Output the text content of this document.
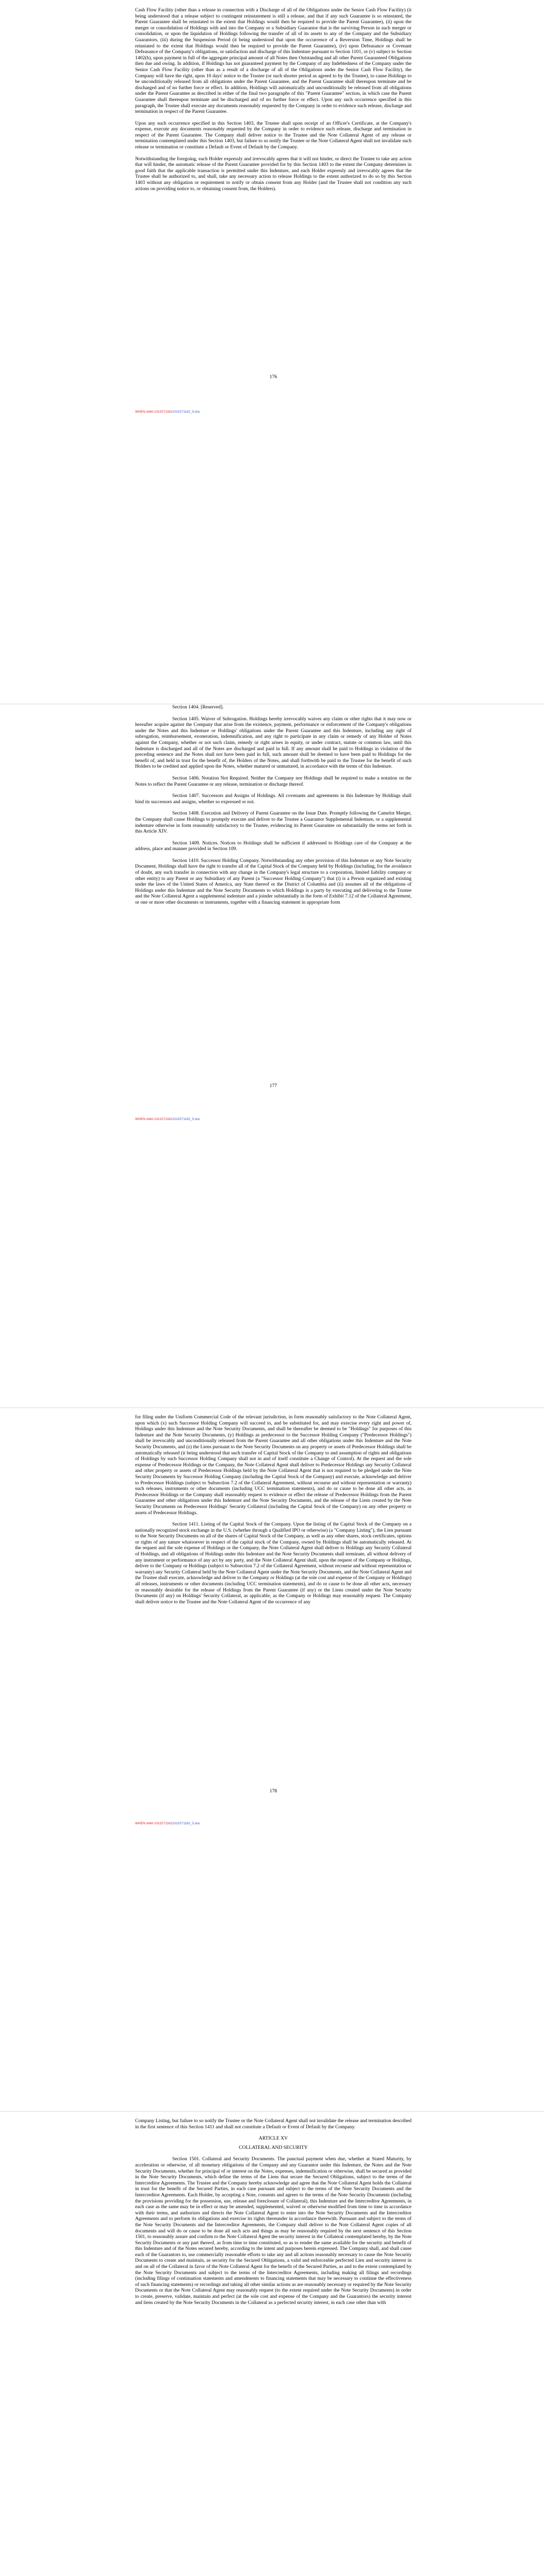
Cash Flow Facility (other than a release in connection with a Discharge of all of the Obligations under the Senior Cash Flow Facility) (it being understood that a release subject to contingent reinstatement is still a release, and that if any such Guarantee is so reinstated, the Parent Guarantee shall be reinstated to the extent that Holdings would then be required to provide the Parent Guarantee), (ii) upon the merger or consolidation of Holdings with and into the Company or a Subsidiary Guarantor that is the surviving Person in such merger or consolidation, or upon the liquidation of Holdings following the transfer of all of its assets to any of the Company and the Subsidiary Guarantors, (iii) during the Suspension Period (it being understood that upon the occurrence of a Reversion Time, Holdings shall be reinstated to the extent that Holdings would then be required to provide the Parent Guarantee), (iv) upon Defeasance or Covenant Defeasance of the Company's obligations, or satisfaction and discharge of this Indenture pursuant to Section 1101, or (v) subject to Section 1402(b), upon payment in full of the aggregate principal amount of all Notes then Outstanding and all other Parent Guaranteed Obligations then due and owing. In addition, if Holdings has not guaranteed payment by the Company of any Indebtedness of the Company under the Senior Cash Flow Facility (other than as a result of a discharge of all of the Obligations under the Senior Cash Flow Facility), the Company will have the right, upon 10 days' notice to the Trustee (or such shorter period as agreed to by the Trustee), to cause Holdings to be unconditionally released from all obligations under the Parent Guarantee, and the Parent Guarantee shall thereupon terminate and be discharged and of no further force or effect. In addition, Holdings will automatically and unconditionally be released from all obligations under the Parent Guarantee as described in either of the final two paragraphs of this "Parent Guarantee" section, in which case the Parent Guarantee shall thereupon terminate and be discharged and of no further force or effect. Upon any such occurrence specified in this paragraph, the Trustee shall execute any documents reasonably requested by the Company in order to evidence such release, discharge and termination in respect of the Parent Guarantee.

Upon any such occurrence specified in this Section 1403, the Trustee shall upon receipt of an Officer's Certificate, at the Company's expense, execute any documents reasonably requested by the Company in order to evidence such release, discharge and termination in respect of the Parent Guarantee. The Company shall deliver notice to the Trustee and the Note Collateral Agent of any release or termination contemplated under this Section 1403, but failure to so notify the Trustee or the Note Collateral Agent shall not invalidate such release or termination or constitute a Default or Event of Default by the Company.

Notwithstanding the foregoing, each Holder expressly and irrevocably agrees that it will not hinder, or direct the Trustee to take any action that will hinder, the automatic release of the Parent Guarantee provided for by this Section 1403 to the extent the Company determines in good faith that the applicable transaction is permitted under this Indenture, and each Holder expressly and irrevocably agrees that the Trustee shall be authorized to, and shall, take any necessary action to release Holdings to the extent authorized to do so by this Section 1403 without any obligation or requirement to notify or obtain consent from any Holder (and the Trustee shall not condition any such actions on providing notice to, or obtaining consent from, the Holders).

176
WHEN:AMA:10102711621010271162_5.doc

Section 1404. [Reserved].

Section 1405. Waiver of Subrogation. Holdings hereby irrevocably waives any claim or other rights that it may now or hereafter acquire against the Company that arise from the existence, payment, performance or enforcement of the Company's obligations under the Notes and this Indenture or Holdings' obligations under the Parent Guarantee and this Indenture, including any right of subrogation, reimbursement, exoneration, indemnification, and any right to participate in any claim or remedy of any Holder of Notes against the Company, whether or not such claim, remedy or right arises in equity, or under contract, statute or common law, until this Indenture is discharged and all of the Notes are discharged and paid in full. If any amount shall be paid to Holdings in violation of the preceding sentence and the Notes shall not have been paid in full, such amount shall be deemed to have been paid to Holdings for the benefit of, and held in trust for the benefit of, the Holders of the Notes, and shall forthwith be paid to the Trustee for the benefit of such Holders to be credited and applied upon the Notes, whether matured or unmatured, in accordance with the terms of this Indenture.

Section 1406. Notation Not Required. Neither the Company nor Holdings shall be required to make a notation on the Notes to reflect the Parent Guarantee or any release, termination or discharge thereof.

Section 1407. Successors and Assigns of Holdings. All covenants and agreements in this Indenture by Holdings shall bind its successors and assigns, whether so expressed or not.

Section 1408. Execution and Delivery of Parent Guarantee on the Issue Date. Promptly following the Camelot Merger, the Company shall cause Holdings to promptly execute and deliver to the Trustee a Guarantor Supplemental Indenture, or a supplemental indenture otherwise in form reasonably satisfactory to the Trustee, evidencing its Parent Guarantee on substantially the terms set forth in this Article XIV.

Section 1409. Notices. Notices to Holdings shall be sufficient if addressed to Holdings care of the Company at the address, place and manner provided in Section 109.

Section 1410. Successor Holding Company. Notwithstanding any other provision of this Indenture or any Note Security Document, Holdings shall have the right to transfer all of the Capital Stock of the Company held by Holdings (including, for the avoidance of doubt, any such transfer in connection with any change in the Company's legal structure to a corporation, limited liability company or other entity) to any Parent or any Subsidiary of any Parent (a "Successor Holding Company") that (i) is a Person organized and existing under the laws of the United States of America, any State thereof or the District of Columbia and (ii) assumes all of the obligations of Holdings under this Indenture and the Note Security Documents to which Holdings is a party by executing and delivering to the Trustee and the Note Collateral Agent a supplemental indenture and a joinder substantially in the form of Exhibit 7.12 of the Collateral Agreement, or one or more other documents or instruments, together with a financing statement in appropriate form

177
WHEN:AMA:10102711621010271162_5.doc

for filing under the Uniform Commercial Code of the relevant jurisdiction, in form reasonably satisfactory to the Note Collateral Agent, upon which (x) such Successor Holding Company will succeed to, and be substituted for, and may exercise every right and power of, Holdings under this Indenture and the Note Security Documents, and shall be thereafter be deemed to be "Holdings" for purposes of this Indenture and the Note Security Documents, (y) Holdings as predecessor to the Successor Holding Company ("Predecessor Holdings") shall be irrevocably and unconditionally released from the Parent Guarantee and all other obligations under this Indenture and the Note Security Documents, and (z) the Liens pursuant to the Note Security Documents on any property or assets of Predecessor Holdings shall be automatically released (it being understood that such transfer of Capital Stock of the Company to and assumption of rights and obligations of Holdings by such Successor Holding Company shall not in and of itself constitute a Change of Control). At the request and the sole expense of Predecessor Holdings or the Company, the Note Collateral Agent shall deliver to Predecessor Holdings any Security Collateral and other property or assets of Predecessor Holdings held by the Note Collateral Agent that is not required to be pledged under the Note Security Documents by Successor Holding Company (including the Capital Stock of the Company) and execute, acknowledge and deliver to Predecessor Holdings (subject to Subsection 7.2 of the Collateral Agreement, without recourse and without representation or warranty) such releases, instruments or other documents (including UCC termination statements), and do or cause to be done all other acts, as Predecessor Holdings or the Company shall reasonably request to evidence or effect the release of Predecessor Holdings from the Parent Guarantee and other obligations under this Indenture and the Note Security Documents, and the release of the Liens created by the Note Security Documents on Predecessor Holdings' Security Collateral (including the Capital Stock of the Company) on any other property or assets of Predecessor Holdings.

Section 1411. Listing of the Capital Stock of the Company. Upon the listing of the Capital Stock of the Company on a nationally recognized stock exchange in the U.S. (whether through a Qualified IPO or otherwise) (a "Company Listing"), the Lien pursuant to the Note Security Documents on all of the shares of Capital Stock of the Company, as well as any other shares, stock certificates, options or rights of any nature whatsoever in respect of the capital stock of the Company, owned by Holdings shall be automatically released. At the request and the sole expense of Holdings or the Company, the Note Collateral Agent shall deliver to Holdings any Security Collateral of Holdings, and all obligations of Holdings under this Indenture and the Note Security Documents shall terminate, all without delivery of any instrument or performance of any act by any party, and the Note Collateral Agent shall, upon the request of the Company or Holdings, deliver to the Company or Holdings (subject to Subsection 7.2 of the Collateral Agreement, without recourse and without representation or warranty) any Security Collateral held by the Note Collateral Agent under the Note Security Documents, and the Note Collateral Agent and the Trustee shall execute, acknowledge and deliver to the Company or Holdings (at the sole cost and expense of the Company or Holdings) all releases, instruments or other documents (including UCC termination statements), and do or cause to be done all other acts, necessary or reasonably desirable for the release of Holdings from the Parent Guarantee (if any) or the Liens created under the Note Security Documents (if any) on Holdings' Security Collateral, as applicable, as the Company or Holdings may reasonably request. The Company shall deliver notice to the Trustee and the Note Collateral Agent of the occurrence of any

178
WHEN:AMA:10102711621010271162_5.doc

Company Listing, but failure to so notify the Trustee or the Note Collateral Agent shall not invalidate the release and termination described in the first sentence of this Section 1411 and shall not constitute a Default or Event of Default by the Company.

ARTICLE XV

COLLATERAL AND SECURITY

Section 1501. Collateral and Security Documents. The punctual payment when due, whether at Stated Maturity, by acceleration or otherwise, of all monetary obligations of the Company and any Guarantor under this Indenture, the Notes and the Note Security Documents, whether for principal of or interest on the Notes, expenses, indemnification or otherwise, shall be secured as provided in the Note Security Documents, which define the terms of the Liens that secure the Secured Obligations, subject to the terms of the Intercreditor Agreements. The Trustee and the Company hereby acknowledge and agree that the Note Collateral Agent holds the Collateral in trust for the benefit of the Secured Parties, in each case pursuant and subject to the terms of the Note Security Documents and the Intercreditor Agreements. Each Holder, by accepting a Note, consents and agrees to the terms of the Note Security Documents (including the provisions providing for the possession, use, release and foreclosure of Collateral), this Indenture and the Intercreditor Agreements, in each case as the same may be in effect or may be amended, supplemented, waived or otherwise modified from time to time in accordance with their terms, and authorizes and directs the Note Collateral Agent to enter into the Note Security Documents and the Intercreditor Agreements and to perform its obligations and exercise its rights thereunder in accordance therewith. Pursuant and subject to the terms of the Note Security Documents and the Intercreditor Agreements, the Company shall deliver to the Note Collateral Agent copies of all documents and will do or cause to be done all such acts and things as may be reasonably required by the next sentence of this Section 1501, to reasonably assure and confirm to the Note Collateral Agent the security interest in the Collateral contemplated hereby, by the Note Security Documents or any part thereof, as from time to time constituted, so as to render the same available for the security and benefit of this Indenture and of the Notes secured hereby, according to the intent and purposes herein expressed. The Company shall, and shall cause each of the Guarantors to, use commercially reasonable efforts to take any and all actions reasonably necessary to cause the Note Security Documents to create and maintain, as security for the Secured Obligations, a valid and enforceable perfected Lien and security interest in and on all of the Collateral in favor of the Note Collateral Agent for the benefit of the Secured Parties, as and to the extent contemplated by the Note Security Documents and subject to the terms of the Intercreditor Agreements, including making all filings and recordings (including filings of continuation statements and amendments to financing statements that may be necessary to continue the effectiveness of such financing statements) or recordings and taking all other similar actions as are reasonably necessary or required by the Note Security Documents or that the Note Collateral Agent may reasonably request (to the extent required under the Note Security Documents) in order to create, preserve, validate, maintain and perfect (at the sole cost and expense of the Company and the Guarantors) the security interest and liens created by the Note Security Documents in the Collateral as a perfected security interest, in each case other than with
